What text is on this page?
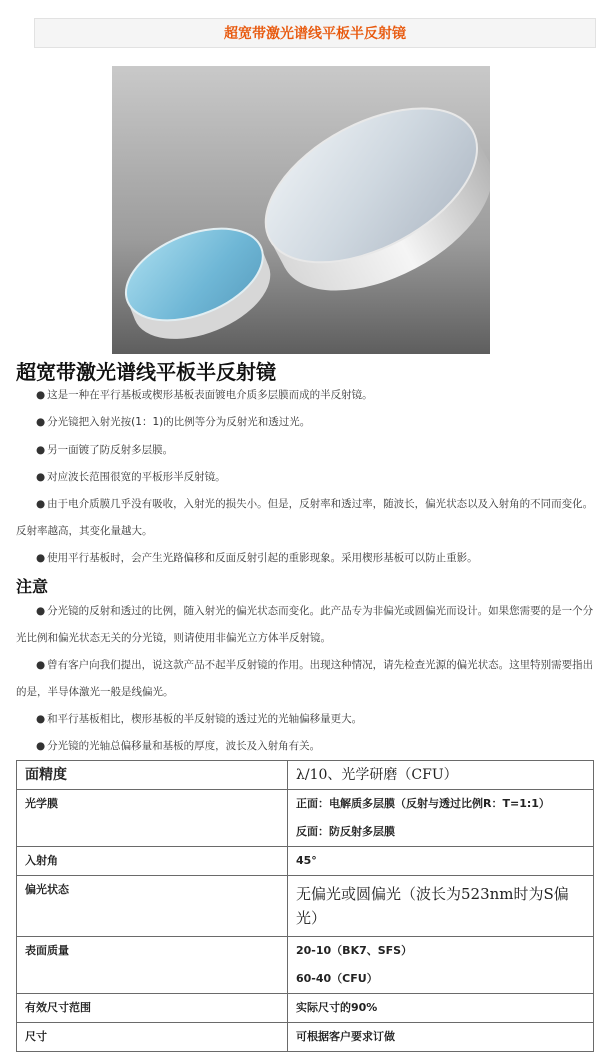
超宽带激光谱线平板半反射镜
超宽带激光谱线平板半反射镜

● 这是一种在平行基板或楔形基板表面镀电介质多层膜而成的半反射镜。

● 分光镜把入射光按(1：1)的比例等分为反射光和透过光。

● 另一面镀了防反射多层膜。

● 对应波长范围很宽的平板形半反射镜。

● 由于电介质膜几乎没有吸收，入射光的损失小。但是，反射率和透过率，随波长，偏光状态以及入射角的不同而变化。反射率越高，其变化量越大。

● 使用平行基板时，会产生光路偏移和反面反射引起的重影现象。采用楔形基板可以防止重影。

注意

● 分光镜的反射和透过的比例，随入射光的偏光状态而变化。此产品专为非偏光或圆偏光而设计。如果您需要的是一个分光比例和偏光状态无关的分光镜，则请使用非偏光立方体半反射镜。

● 曾有客户向我们提出，说这款产品不起半反射镜的作用。出现这种情况，请先检查光源的偏光状态。这里特别需要指出的是，半导体激光一般是线偏光。

● 和平行基板相比，楔形基板的半反射镜的透过光的光轴偏移量更大。

● 分光镜的光轴总偏移量和基板的厚度，波长及入射角有关。

面精度	λ/10、光学研磨（CFU）

光学膜	正面：电解质多层膜（反射与透过比例R：T=1:1）
反面：防反射多层膜

入射角	45°

偏光状态	无偏光或圆偏光（波长为523nm时为S偏光）

表面质量	20-10（BK7、SFS）
60-40（CFU）

有效尺寸范围	实际尺寸的90%

尺寸	可根据客户要求订做
